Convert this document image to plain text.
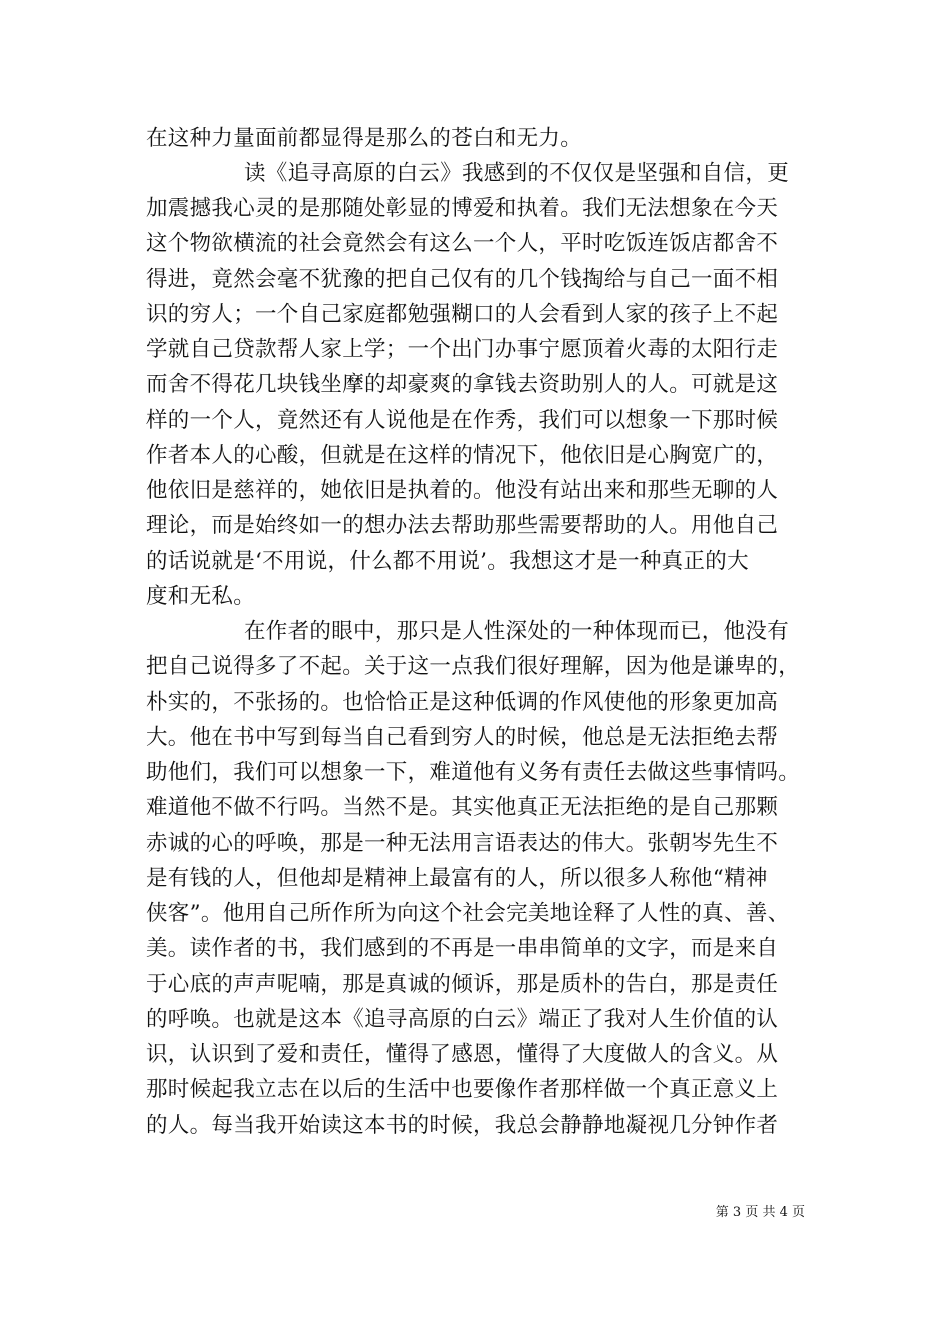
在这种力量面前都显得是那么的苍白和无力。
读《追寻高原的白云》我感到的不仅仅是坚强和自信，更
加震撼我心灵的是那随处彰显的博爱和执着。我们无法想象在今天
这个物欲横流的社会竟然会有这么一个人，平时吃饭连饭店都舍不
得进，竟然会毫不犹豫的把自己仅有的几个钱掏给与自己一面不相
识的穷人；一个自己家庭都勉强糊口的人会看到人家的孩子上不起
学就自己贷款帮人家上学；一个出门办事宁愿顶着火毒的太阳行走
而舍不得花几块钱坐摩的却豪爽的拿钱去资助别人的人。可就是这
样的一个人，竟然还有人说他是在作秀，我们可以想象一下那时候
作者本人的心酸，但就是在这样的情况下，他依旧是心胸宽广的，
他依旧是慈祥的，她依旧是执着的。他没有站出来和那些无聊的人
理论，而是始终如一的想办法去帮助那些需要帮助的人。用他自己
的话说就是‘不用说，什么都不用说’。我想这才是一种真正的大
度和无私。
在作者的眼中，那只是人性深处的一种体现而已，他没有
把自己说得多了不起。关于这一点我们很好理解，因为他是谦卑的，
朴实的，不张扬的。也恰恰正是这种低调的作风使他的形象更加高
大。他在书中写到每当自己看到穷人的时候，他总是无法拒绝去帮
助他们，我们可以想象一下，难道他有义务有责任去做这些事情吗。
难道他不做不行吗。当然不是。其实他真正无法拒绝的是自己那颗
赤诚的心的呼唤，那是一种无法用言语表达的伟大。张朝岑先生不
是有钱的人，但他却是精神上最富有的人，所以很多人称他“精神
侠客”。他用自己所作所为向这个社会完美地诠释了人性的真、善、
美。读作者的书，我们感到的不再是一串串简单的文字，而是来自
于心底的声声呢喃，那是真诚的倾诉，那是质朴的告白，那是责任
的呼唤。也就是这本《追寻高原的白云》端正了我对人生价值的认
识，认识到了爱和责任，懂得了感恩，懂得了大度做人的含义。从
那时候起我立志在以后的生活中也要像作者那样做一个真正意义上
的人。每当我开始读这本书的时候，我总会静静地凝视几分钟作者
第 3 页 共 4 页
